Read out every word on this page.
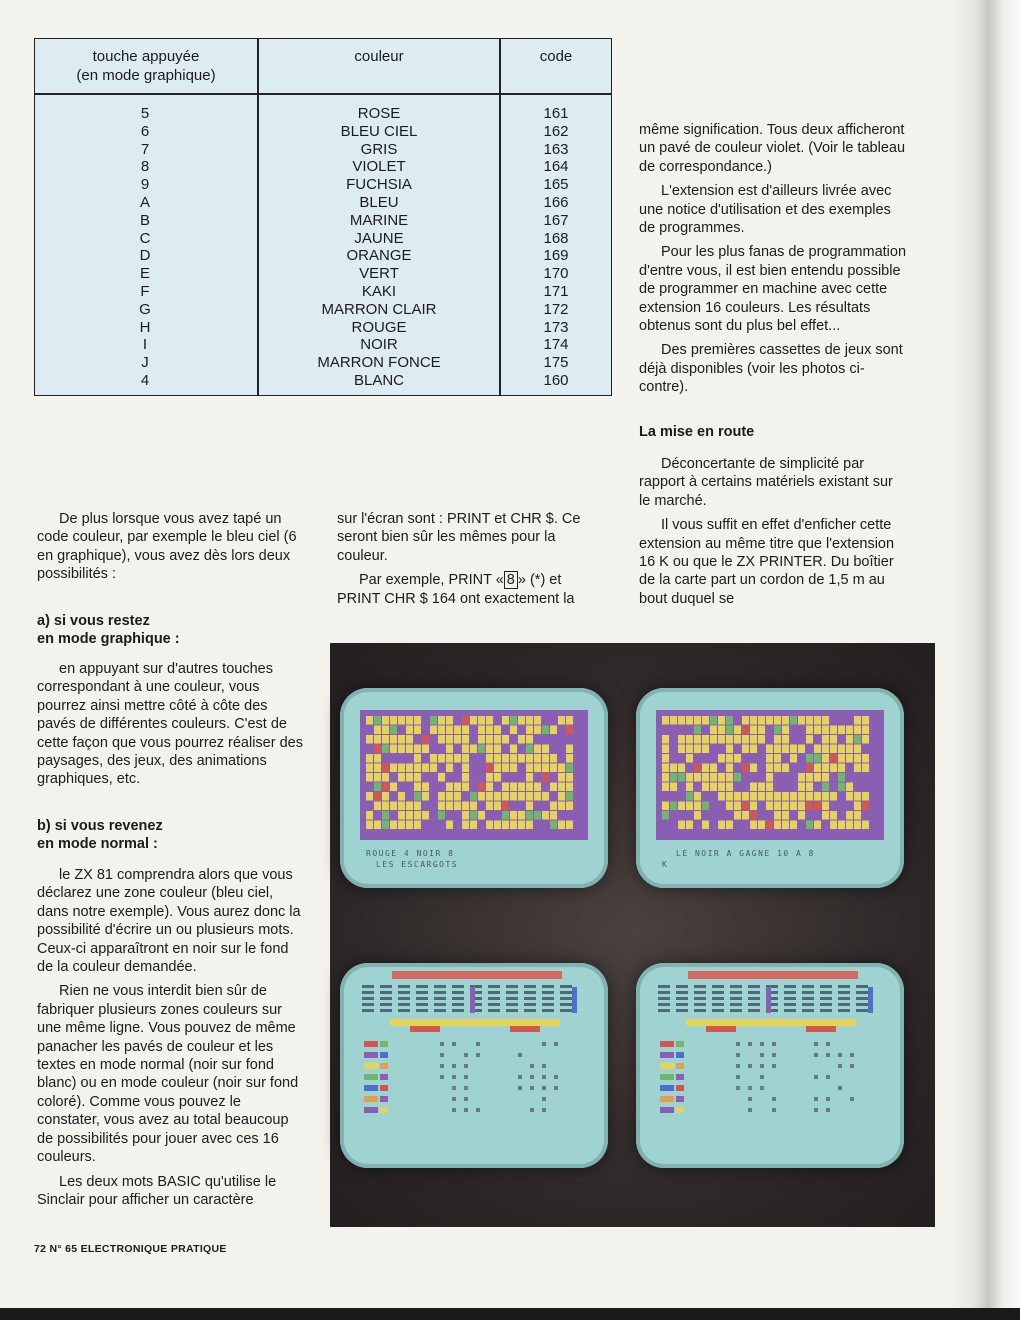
touche appuyée
(en mode graphique)
couleur	code
5
6
7
8
9
A
B
C
D
E
F
G
H
I
J
4
ROSE
BLEU CIEL
GRIS
VIOLET
FUCHSIA
BLEU
MARINE
JAUNE
ORANGE
VERT
KAKI
MARRON CLAIR
ROUGE
NOIR
MARRON FONCE
BLANC
161
162
163
164
165
166
167
168
169
170
171
172
173
174
175
160

même signification. Tous deux afficheront un pavé de couleur violet. (Voir le tableau de correspondance.)

L'extension est d'ailleurs livrée avec une notice d'utilisation et des exemples de programmes.

Pour les plus fanas de programmation d'entre vous, il est bien entendu possible de programmer en machine avec cette extension 16 couleurs. Les résultats obtenus sont du plus bel effet...

Des premières cassettes de jeux sont déjà disponibles (voir les photos ci-contre).

La mise en route

Déconcertante de simplicité par rapport à certains matériels existant sur le marché.

Il vous suffit en effet d'enficher cette extension au même titre que l'extension 16 K ou que le ZX PRINTER. Du boîtier de la carte part un cordon de 1,5 m au bout duquel se

De plus lorsque vous avez tapé un code couleur, par exemple le bleu ciel (6 en graphique), vous avez dès lors deux possibilités :

a) si vous restez
en mode graphique :

en appuyant sur d'autres touches correspondant à une couleur, vous pourrez ainsi mettre côté à côte des pavés de différentes couleurs. C'est de cette façon que vous pourrez réaliser des paysages, des jeux, des animations graphiques, etc.

b) si vous revenez
en mode normal :

le ZX 81 comprendra alors que vous déclarez une zone couleur (bleu ciel, dans notre exemple). Vous aurez donc la possibilité d'écrire un ou plusieurs mots. Ceux-ci apparaîtront en noir sur le fond de la couleur demandée.

Rien ne vous interdit bien sûr de fabriquer plusieurs zones couleurs sur une même ligne. Vous pouvez de même panacher les pavés de couleur et les textes en mode normal (noir sur fond blanc) ou en mode couleur (noir sur fond coloré). Comme vous pouvez le constater, vous avez au total beaucoup de possibilités pour jouer avec ces 16 couleurs.

Les deux mots BASIC qu'utilise le Sinclair pour afficher un caractère

sur l'écran sont : PRINT et CHR $. Ce seront bien sûr les mêmes pour la couleur.

Par exemple, PRINT « 8 » (*) et PRINT CHR $ 164 ont exactement la

ROUGE 4 NOIR 8
LES ESCARGOTS
LE NOIR A GAGNE 10 A 8
K
72 N° 65 ELECTRONIQUE PRATIQUE
